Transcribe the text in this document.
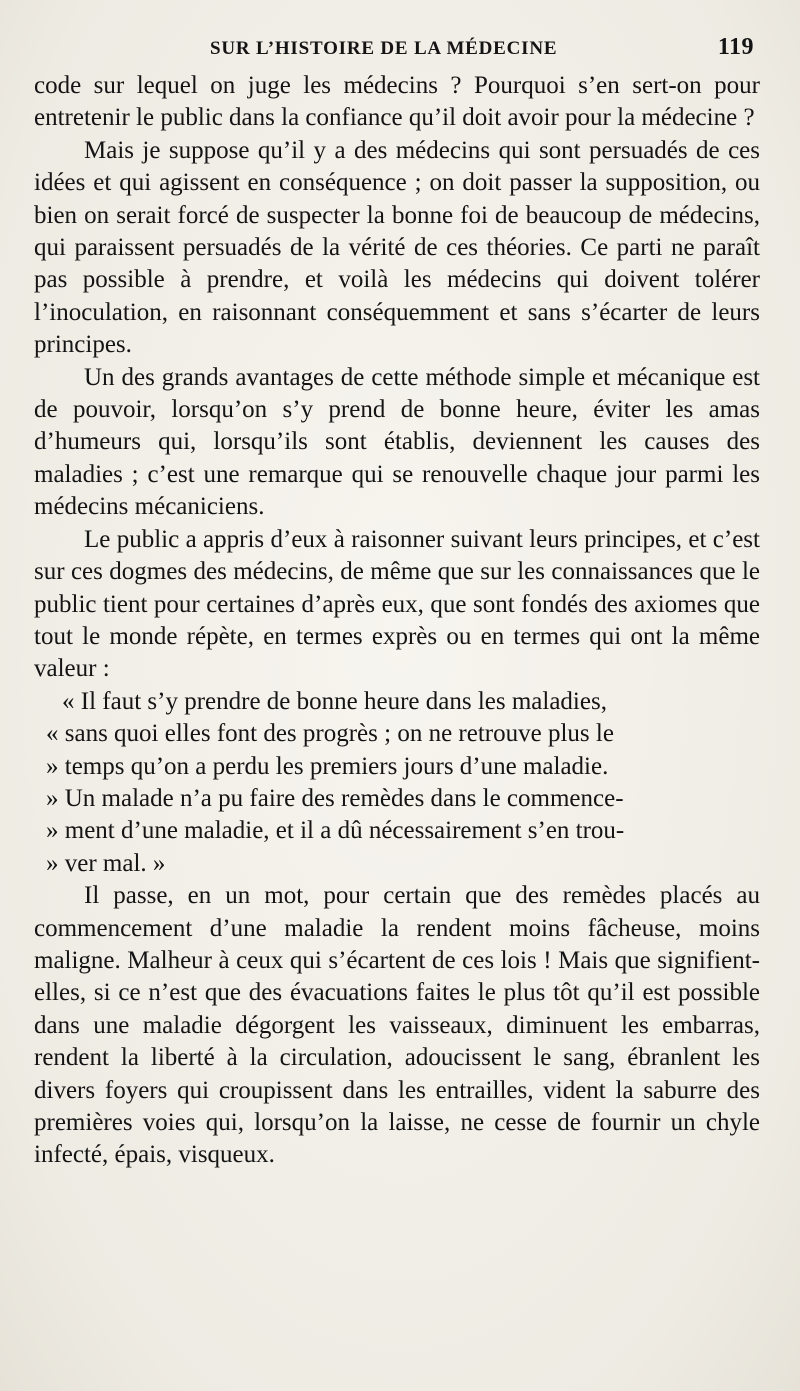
SUR L’HISTOIRE DE LA MÉDECINE	119

code sur lequel on juge les médecins ? Pourquoi s’en sert-on pour entretenir le public dans la confiance qu’il doit avoir pour la médecine ?

Mais je suppose qu’il y a des médecins qui sont persuadés de ces idées et qui agissent en conséquence ; on doit passer la supposition, ou bien on serait forcé de suspecter la bonne foi de beaucoup de médecins, qui paraissent persuadés de la vérité de ces théories. Ce parti ne paraît pas possible à prendre, et voilà les médecins qui doivent tolérer l’inoculation, en raisonnant conséquemment et sans s’écarter de leurs principes.

Un des grands avantages de cette méthode simple et mécanique est de pouvoir, lorsqu’on s’y prend de bonne heure, éviter les amas d’humeurs qui, lorsqu’ils sont établis, deviennent les causes des maladies ; c’est une remarque qui se renouvelle chaque jour parmi les médecins mécaniciens.

Le public a appris d’eux à raisonner suivant leurs principes, et c’est sur ces dogmes des médecins, de même que sur les connaissances que le public tient pour certaines d’après eux, que sont fondés des axiomes que tout le monde répète, en termes exprès ou en termes qui ont la même valeur :

« Il faut s’y prendre de bonne heure dans les maladies,

« sans quoi elles font des progrès ; on ne retrouve plus le

» temps qu’on a perdu les premiers jours d’une maladie.

» Un malade n’a pu faire des remèdes dans le commence-

» ment d’une maladie, et il a dû nécessairement s’en trou-

» ver mal. »

Il passe, en un mot, pour certain que des remèdes placés au commencement d’une maladie la rendent moins fâcheuse, moins maligne. Malheur à ceux qui s’écartent de ces lois ! Mais que signifient-elles, si ce n’est que des évacuations faites le plus tôt qu’il est possible dans une maladie dégorgent les vaisseaux, diminuent les embarras, rendent la liberté à la circulation, adoucissent le sang, ébranlent les divers foyers qui croupissent dans les entrailles, vident la saburre des premières voies qui, lorsqu’on la laisse, ne cesse de fournir un chyle infecté, épais, visqueux.
